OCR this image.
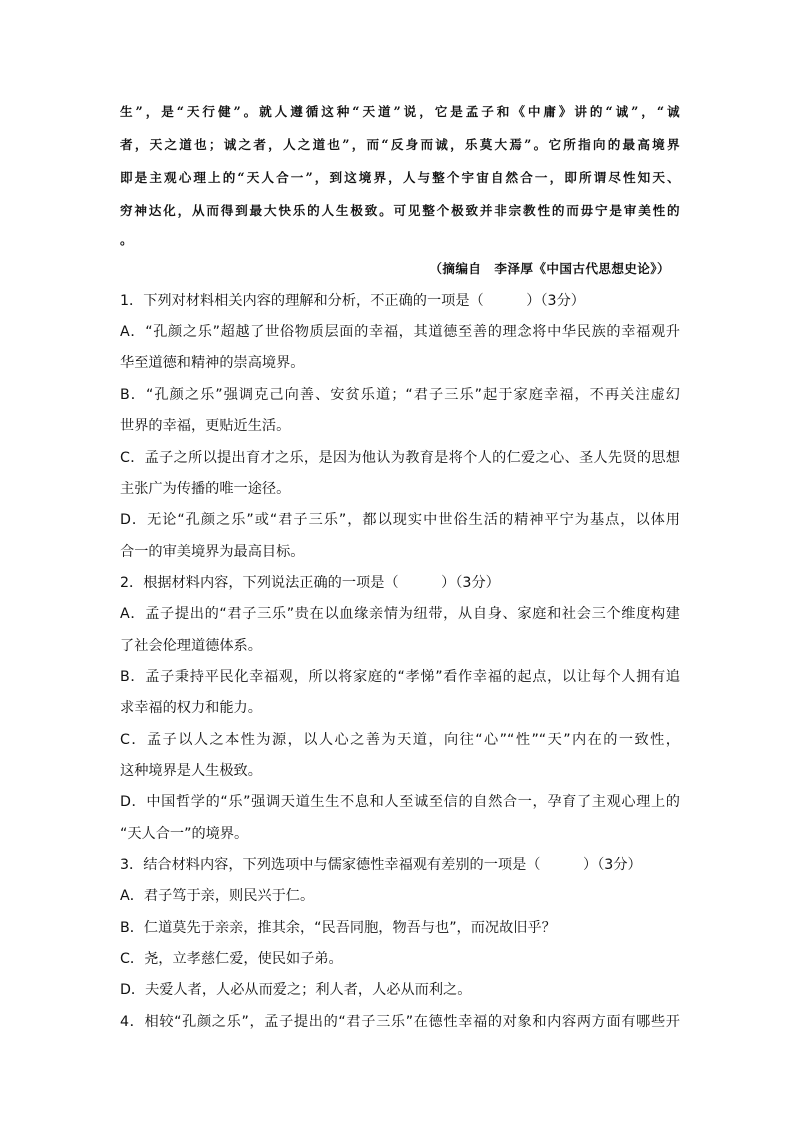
生”，是“天行健”。就人遵循这种“天道”说，它是孟子和《中庸》讲的“诚”，“诚
者，天之道也；诚之者，人之道也”，而“反身而诚，乐莫大焉”。它所指向的最高境界
即是主观心理上的“天人合一”，到这境界，人与整个宇宙自然合一，即所谓尽性知天、
穷神达化，从而得到最大快乐的人生极致。可见整个极致并非宗教性的而毋宁是审美性的
。
（摘编自　李泽厚《中国古代思想史论》）
1．下列对材料相关内容的理解和分析，不正确的一项是（　　　）（3分）
A．“孔颜之乐”超越了世俗物质层面的幸福，其道德至善的理念将中华民族的幸福观升
华至道德和精神的崇高境界。
B．“孔颜之乐”强调克己向善、安贫乐道；“君子三乐”起于家庭幸福，不再关注虚幻
世界的幸福，更贴近生活。
C．孟子之所以提出育才之乐，是因为他认为教育是将个人的仁爱之心、圣人先贤的思想
主张广为传播的唯一途径。
D．无论“孔颜之乐”或“君子三乐”，都以现实中世俗生活的精神平宁为基点，以体用
合一的审美境界为最高目标。
2．根据材料内容，下列说法正确的一项是（　　　）（3分）
A．孟子提出的“君子三乐”贵在以血缘亲情为纽带，从自身、家庭和社会三个维度构建
了社会伦理道德体系。
B．孟子秉持平民化幸福观，所以将家庭的“孝悌”看作幸福的起点，以让每个人拥有追
求幸福的权力和能力。
C．孟子以人之本性为源，以人心之善为天道，向往“心”“性”“天”内在的一致性，
这种境界是人生极致。
D．中国哲学的“乐”强调天道生生不息和人至诚至信的自然合一，孕育了主观心理上的
“天人合一”的境界。
3．结合材料内容，下列选项中与儒家德性幸福观有差别的一项是（　　　）（3分）
A．君子笃于亲，则民兴于仁。
B．仁道莫先于亲亲，推其余，“民吾同胞，物吾与也”，而况故旧乎？
C．尧，立孝慈仁爱，使民如子弟。
D．夫爱人者，人必从而爱之；利人者，人必从而利之。
4．相较“孔颜之乐”，孟子提出的“君子三乐”在德性幸福的对象和内容两方面有哪些开
